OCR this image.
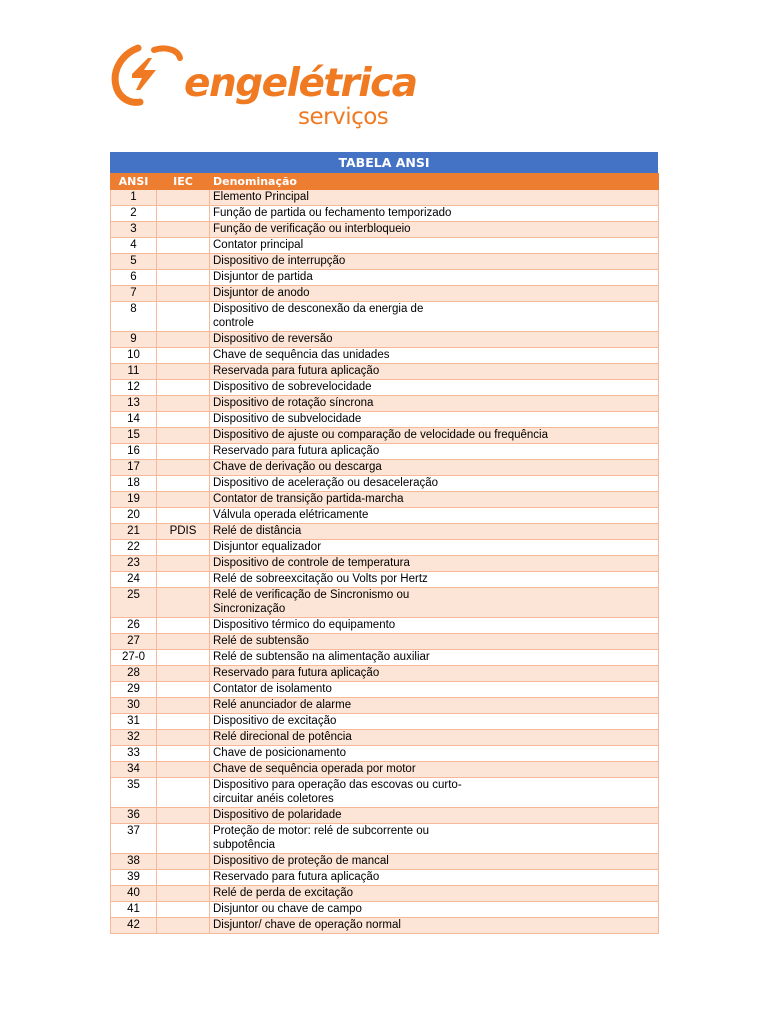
engelétrica
serviços
TABELA ANSI
ANSI	IEC	Denominação
1		Elemento Principal

2		Função de partida ou fechamento temporizado

3		Função de verificação ou interbloqueio

4		Contator principal

5		Dispositivo de interrupção

6		Disjuntor de partida

7		Disjuntor de anodo

8		Dispositivo de desconexão da energia de controle

9		Dispositivo de reversão

10		Chave de sequência das unidades

11		Reservada para futura aplicação

12		Dispositivo de sobrevelocidade

13		Dispositivo de rotação síncrona

14		Dispositivo de subvelocidade

15		Dispositivo de ajuste ou comparação de velocidade ou frequência

16		Reservado para futura aplicação

17		Chave de derivação ou descarga

18		Dispositivo de aceleração ou desaceleração

19		Contator de transição partida-marcha

20		Válvula operada elétricamente

21	PDIS	Relé de distância

22		Disjuntor equalizador

23		Dispositivo de controle de temperatura

24		Relé de sobreexcitação ou Volts por Hertz

25		Relé de verificação de Sincronismo ou Sincronização

26		Dispositivo térmico do equipamento

27		Relé de subtensão

27-0		Relé de subtensão na alimentação auxiliar

28		Reservado para futura aplicação

29		Contator de isolamento

30		Relé anunciador de alarme

31		Dispositivo de excitação

32		Relé direcional de potência

33		Chave de posicionamento

34		Chave de sequência operada por motor

35		Dispositivo para operação das escovas ou curto-circuitar anéis coletores

36		Dispositivo de polaridade

37		Proteção de motor: relé de subcorrente ou subpotência

38		Dispositivo de proteção de mancal

39		Reservado para futura aplicação

40		Relé de perda de excitação

41		Disjuntor ou chave de campo

42		Disjuntor/ chave de operação normal
